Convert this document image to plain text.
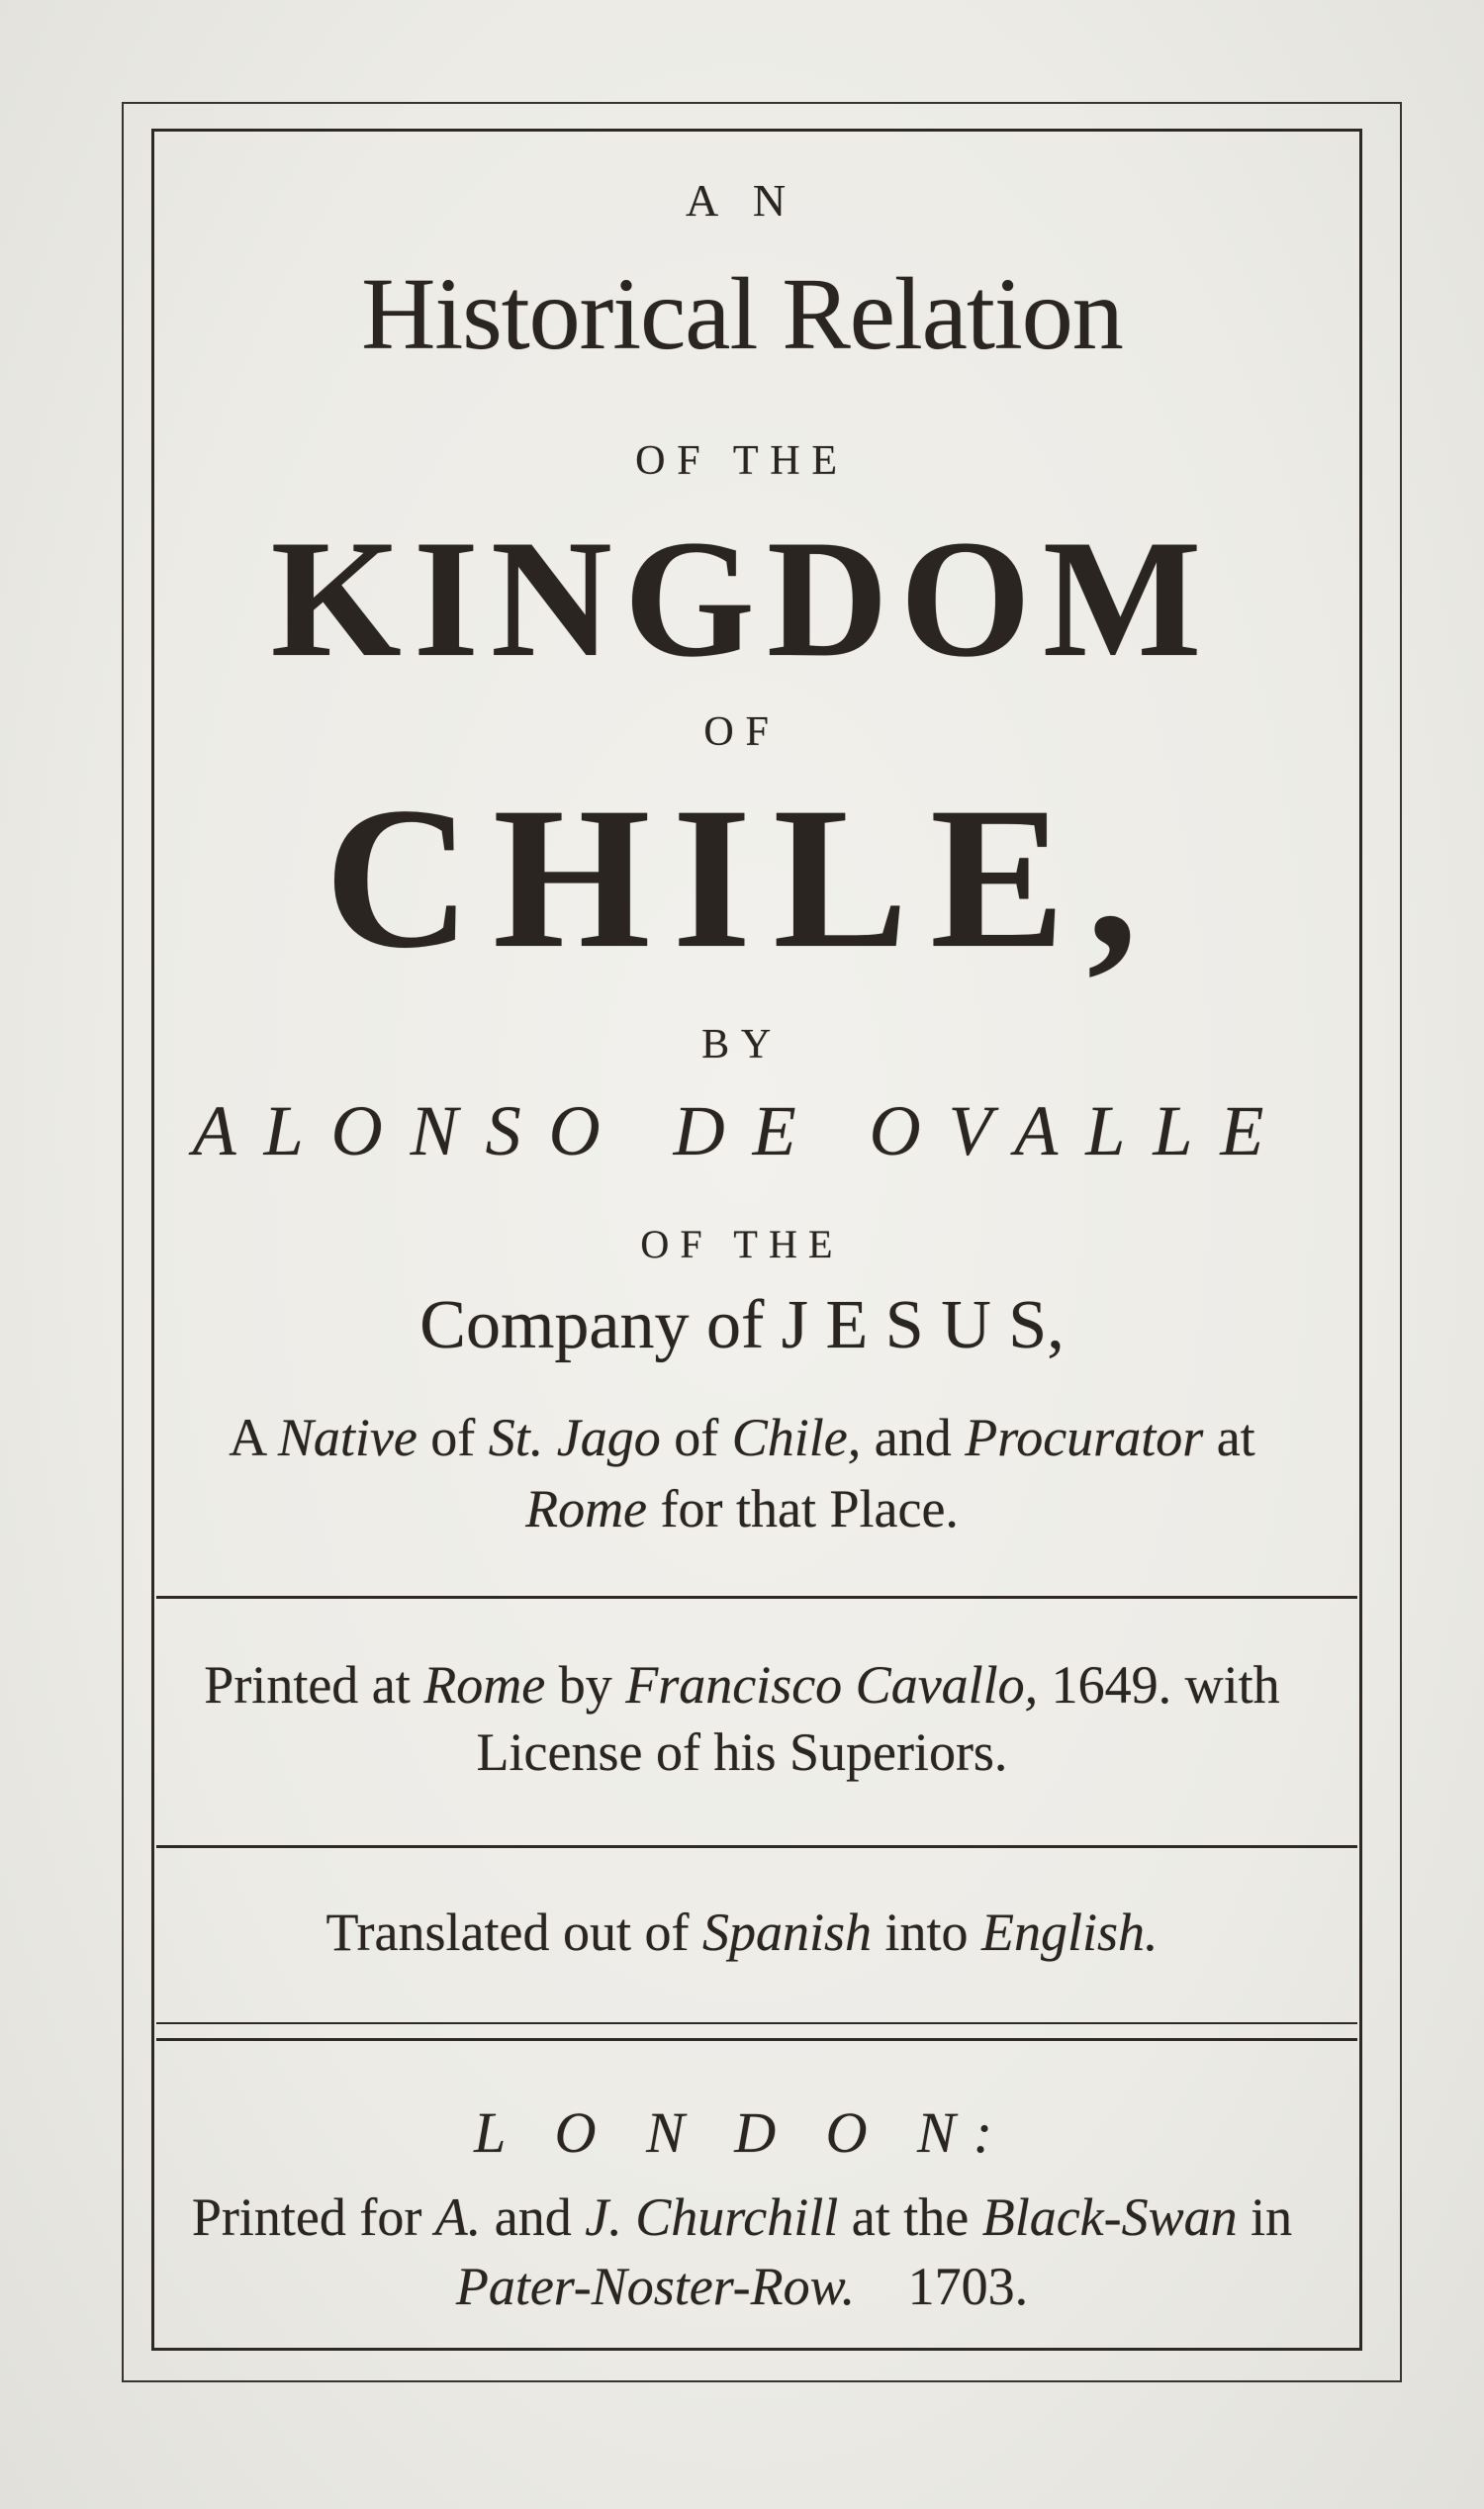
A N
Historical Relation
OF THE
KINGDOM
OF
CHILE,
BY
ALONSO DE OVALLE
OF THE
Company of J E S U S,
A Native of St. Jago of Chile, and Procurator at
Rome for that Place.
Printed at Rome by Francisco Cavallo, 1649. with
License of his Superiors.
Translated out of Spanish into English.
L O N D O N:
Printed for A. and J. Churchill at the Black-Swan in
Pater-Noster-Row. 1703.
